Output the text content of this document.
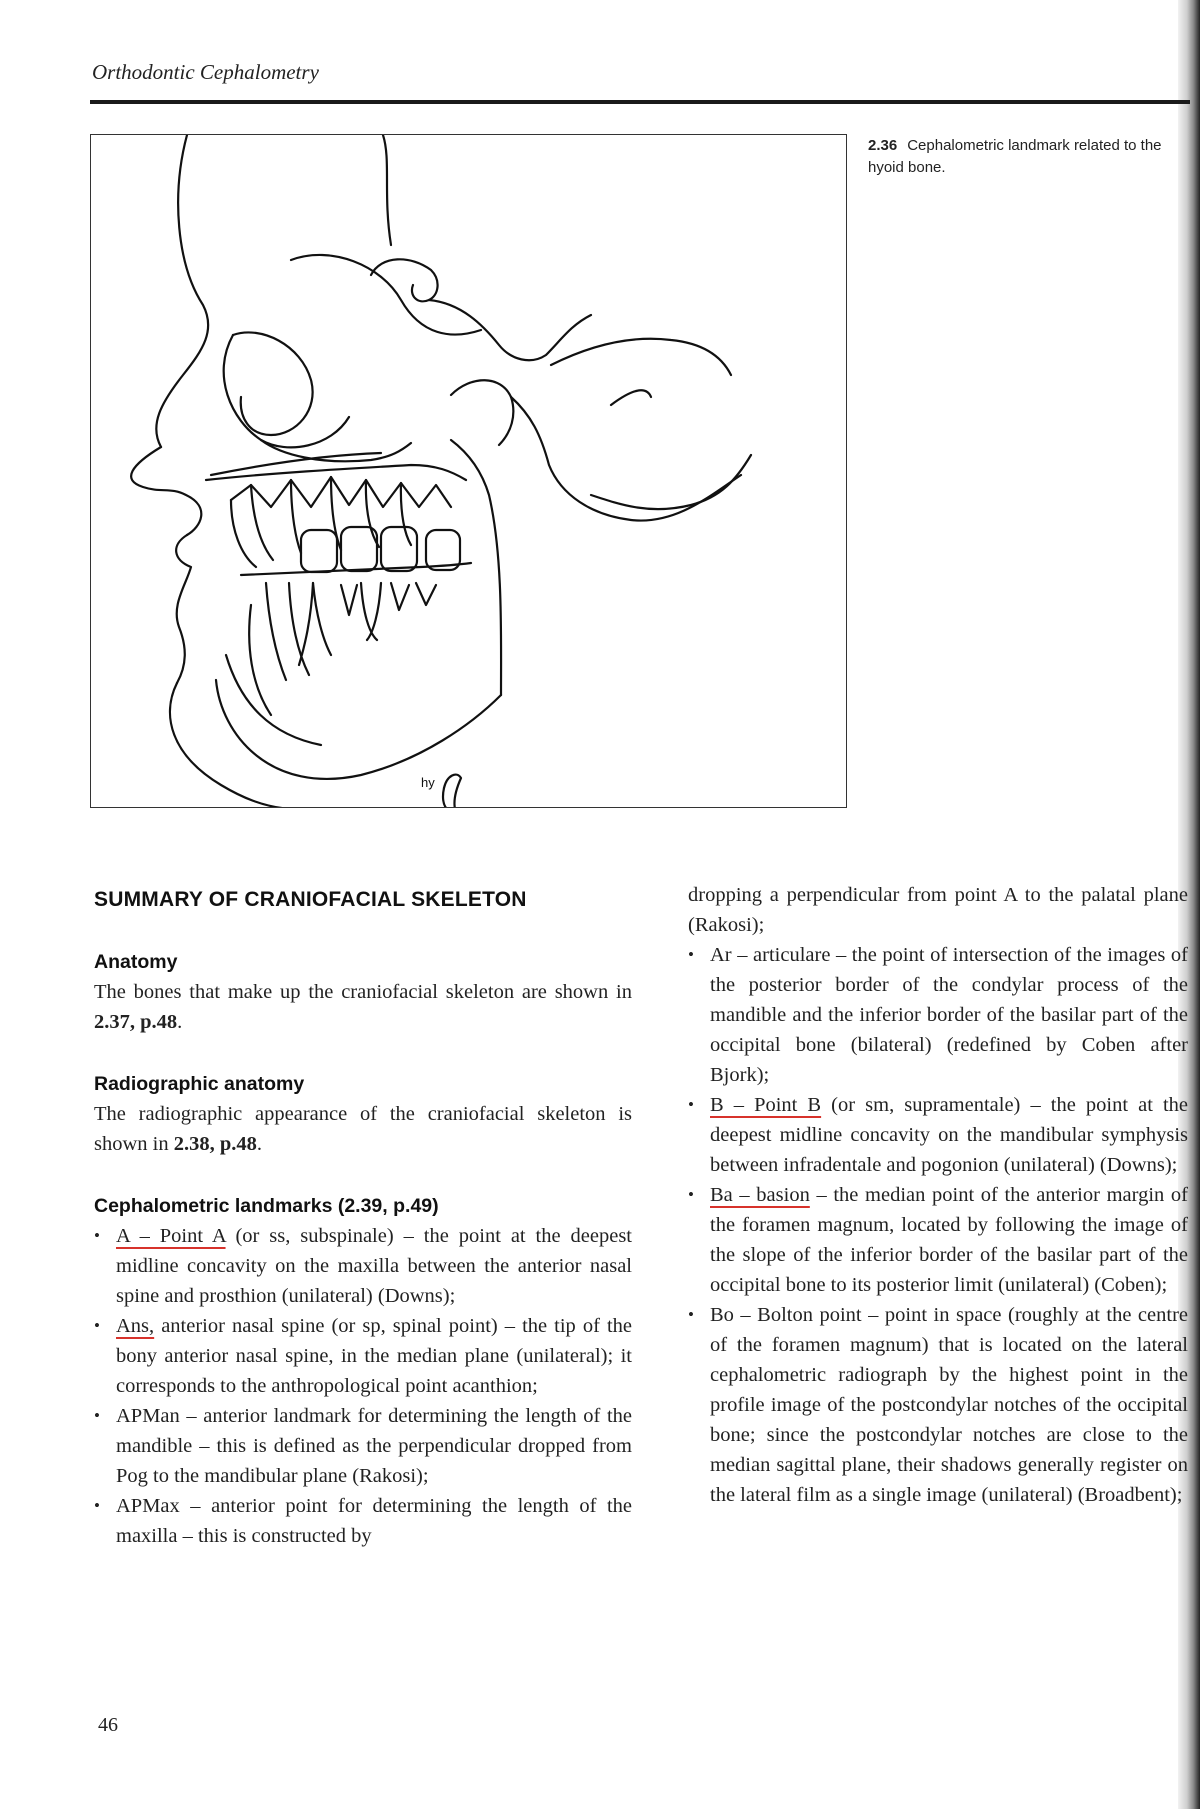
Orthodontic Cephalometry
hy
2.36 Cephalometric landmark related to the hyoid bone.
SUMMARY OF CRANIOFACIAL SKELETON
Anatomy

The bones that make up the craniofacial skeleton are shown in 2.37, p.48.

Radiographic anatomy

The radiographic appearance of the craniofacial skeleton is shown in 2.38, p.48.

Cephalometric landmarks (2.39, p.49)
• A – Point A (or ss, subspinale) – the point at the deepest midline concavity on the maxilla between the anterior nasal spine and prosthion (unilateral) (Downs);
• Ans, anterior nasal spine (or sp, spinal point) – the tip of the bony anterior nasal spine, in the median plane (unilateral); it corresponds to the anthropological point acanthion;
• APMan – anterior landmark for determining the length of the mandible – this is defined as the perpendicular dropped from Pog to the mandibular plane (Rakosi);
• APMax – anterior point for determining the length of the maxilla – this is constructed by
dropping a perpendicular from point A to the palatal plane (Rakosi);
• Ar – articulare – the point of intersection of the images of the posterior border of the condylar process of the mandible and the inferior border of the basilar part of the occipital bone (bilateral) (redefined by Coben after Bjork);
• B – Point B (or sm, supramentale) – the point at the deepest midline concavity on the mandibular symphysis between infradentale and pogonion (unilateral) (Downs);
• Ba – basion – the median point of the anterior margin of the foramen magnum, located by following the image of the slope of the inferior border of the basilar part of the occipital bone to its posterior limit (unilateral) (Coben);
• Bo – Bolton point – point in space (roughly at the centre of the foramen magnum) that is located on the lateral cephalometric radiograph by the highest point in the profile image of the postcondylar notches of the occipital bone; since the postcondylar notches are close to the median sagittal plane, their shadows generally register on the lateral film as a single image (unilateral) (Broadbent);
46
